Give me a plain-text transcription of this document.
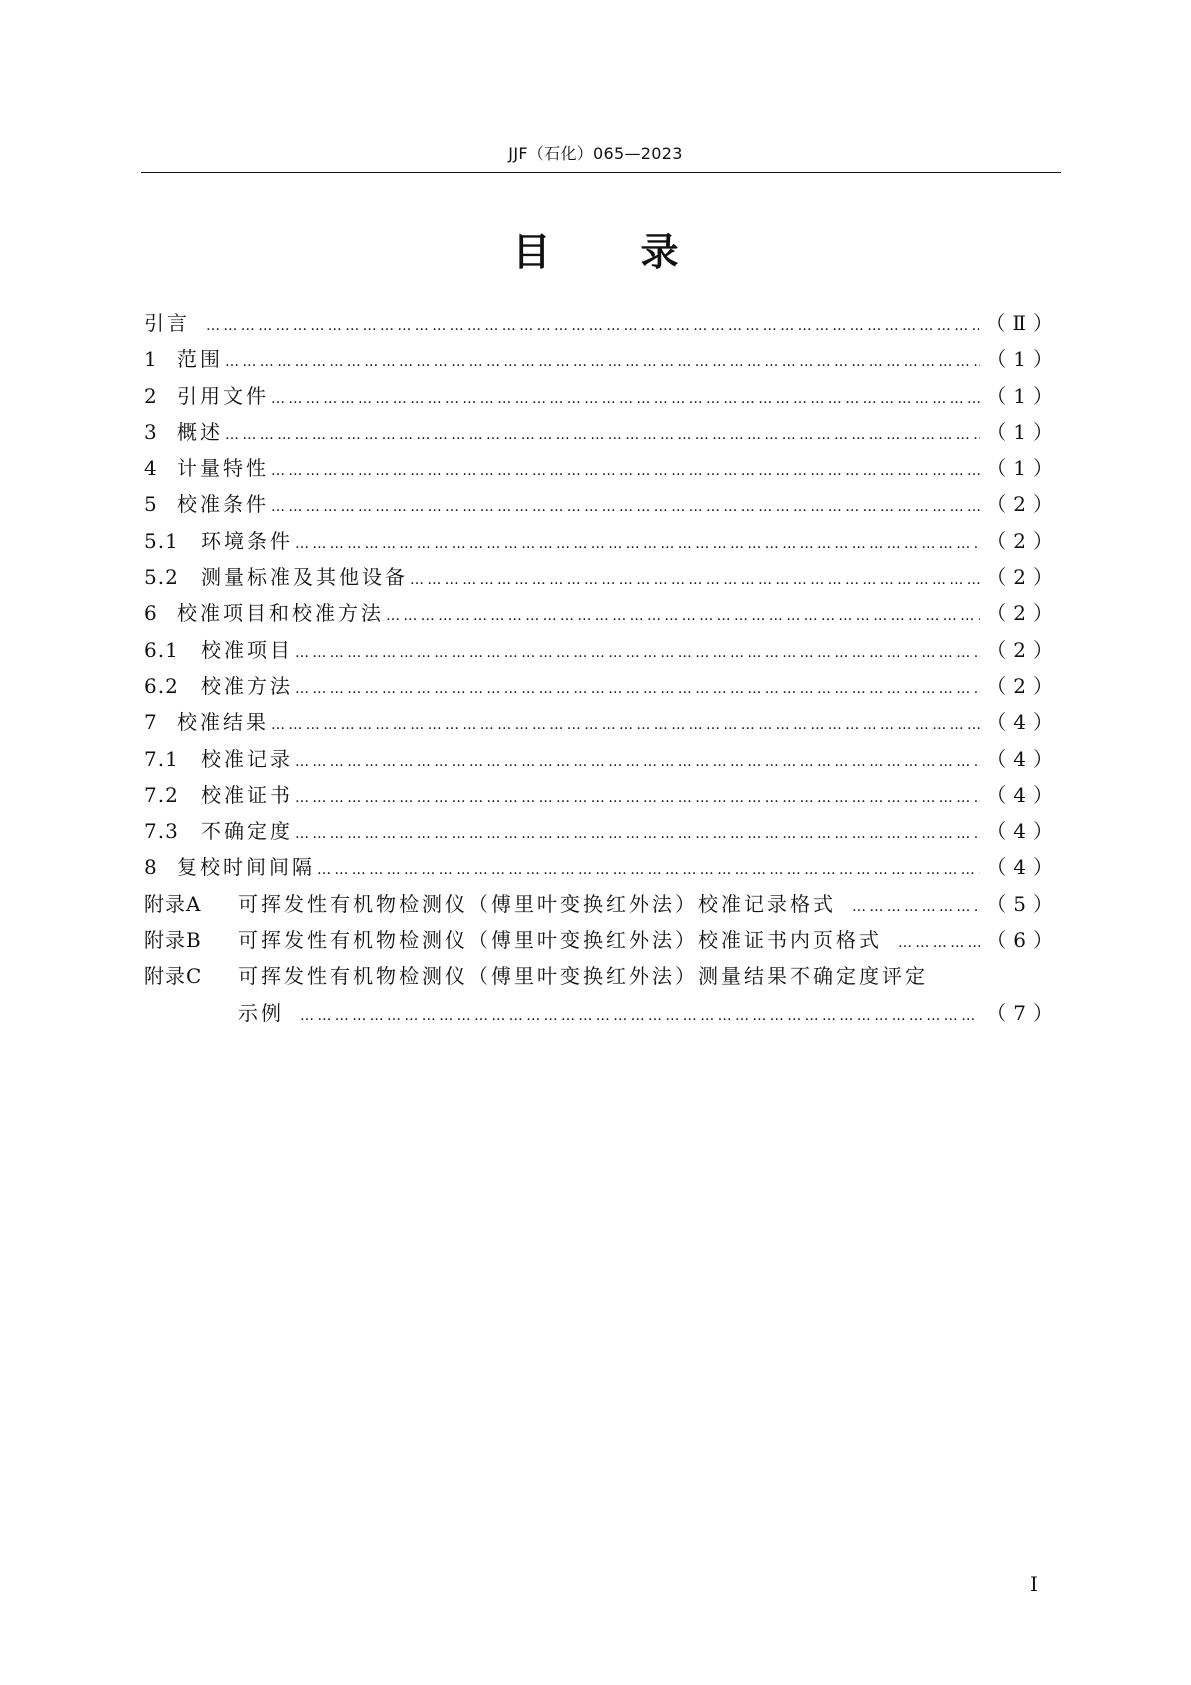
JJF（石化）065—2023
目 录
引言 ……………………………………………………………………………………………………………………………………………………	（Ⅱ）
1 范围 ……………………………………………………………………………………………………………………………………………………	（1）
2 引用文件 ……………………………………………………………………………………………………………………………………………………	（1）
3 概述 ……………………………………………………………………………………………………………………………………………………	（1）
4 计量特性 ……………………………………………………………………………………………………………………………………………………	（1）
5 校准条件 ……………………………………………………………………………………………………………………………………………………	（2）
5.1	环境条件 ……………………………………………………………………………………………………………………………………………………	（2）
5.2	测量标准及其他设备 ……………………………………………………………………………………………………………………………………………………	（2）
6 校准项目和校准方法 ……………………………………………………………………………………………………………………………………………………	（2）
6.1	校准项目 ……………………………………………………………………………………………………………………………………………………	（2）
6.2	校准方法 ……………………………………………………………………………………………………………………………………………………	（2）
7 校准结果 ……………………………………………………………………………………………………………………………………………………	（4）
7.1	校准记录 ……………………………………………………………………………………………………………………………………………………	（4）
7.2	校准证书 ……………………………………………………………………………………………………………………………………………………	（4）
7.3	不确定度 ……………………………………………………………………………………………………………………………………………………	（4）
8 复校时间间隔 ……………………………………………………………………………………………………………………………………………………	（4）
附录A	可挥发性有机物检测仪（傅里叶变换红外法）校准记录格式 ……………………………………………………………………………………………………………………………………………………	（5）
附录B	可挥发性有机物检测仪（傅里叶变换红外法）校准证书内页格式 ……………………………………………………………………………………………………………………………………………………	（6）
附录C	可挥发性有机物检测仪（傅里叶变换红外法）测量结果不确定度评定
示例 ……………………………………………………………………………………………………………………………………………………	（7）
Ⅰ
